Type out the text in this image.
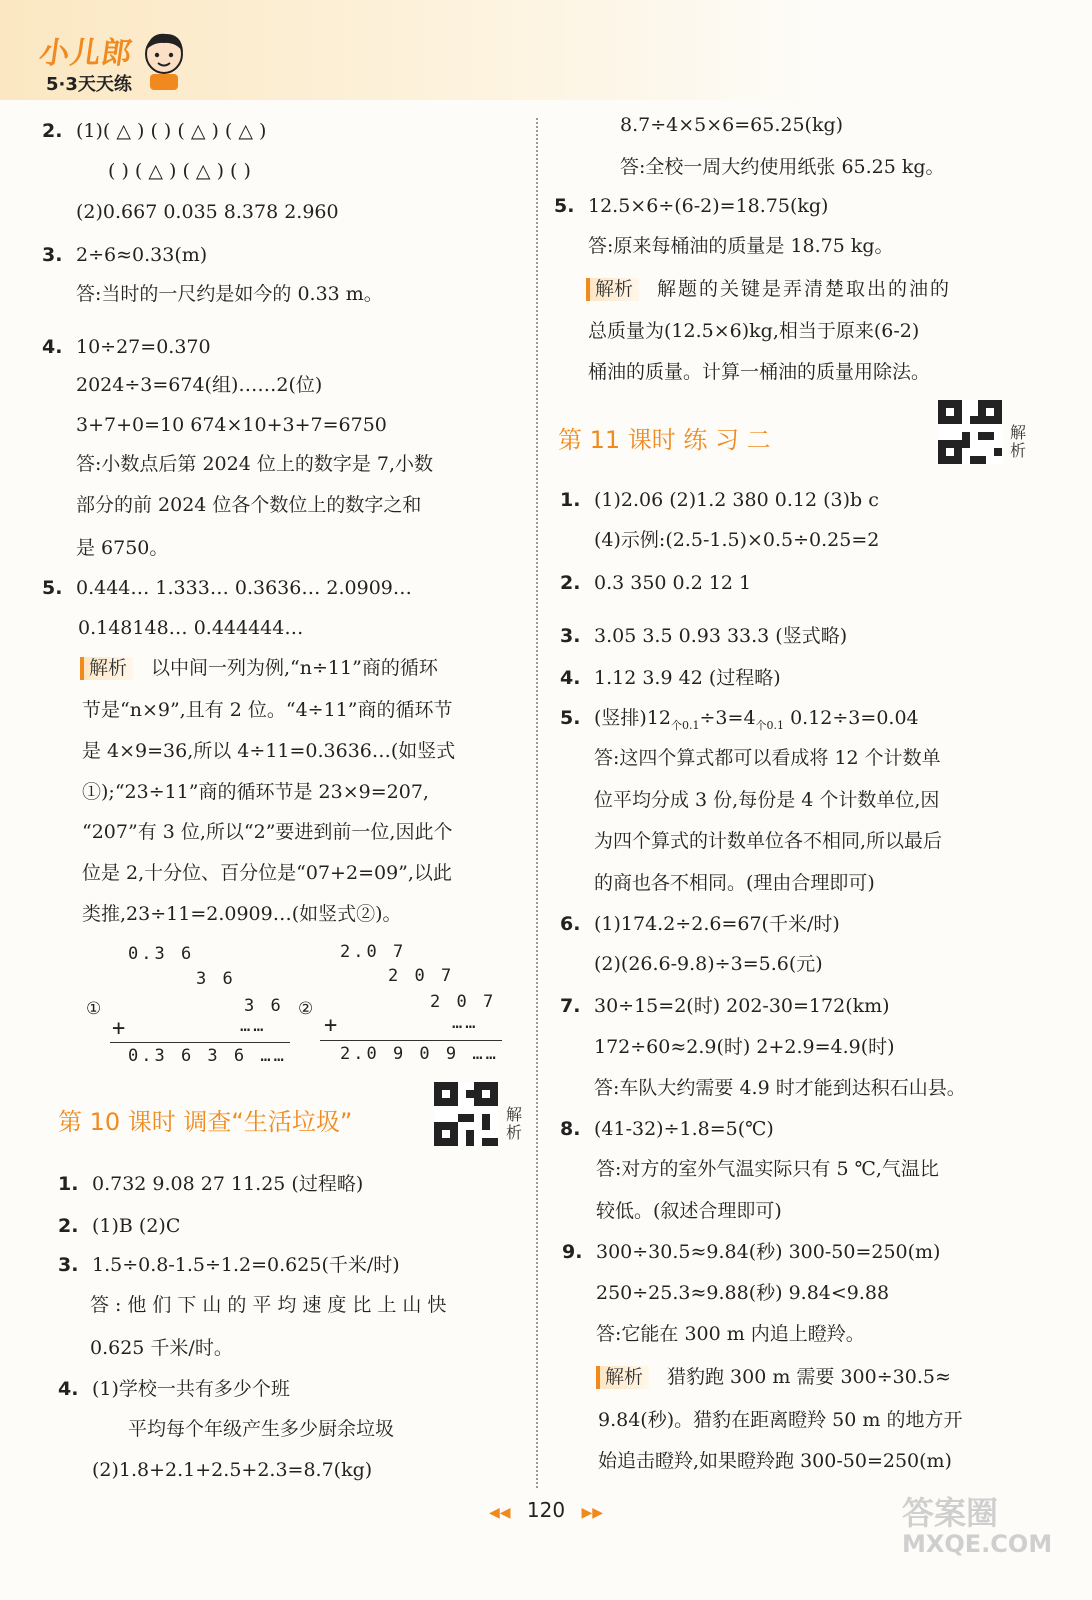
小儿郎
5·3天天练
2. (1)( △ ) ( ) ( △ ) ( △ )
( ) ( △ ) ( △ ) ( )
(2)0.667 0.035 8.378 2.960
3. 2÷6≈0.33(m)
答:当时的一尺约是如今的 0.33 m。
4. 10÷27=0.370
2024÷3=674(组)……2(位)
3+7+0=10 674×10+3+7=6750
答:小数点后第 2024 位上的数字是 7,小数
部分的前 2024 位各个数位上的数字之和
是 6750。
5. 0.444… 1.333… 0.3636… 2.0909…
0.148148… 0.444444…
解析 以中间一列为例,“n÷11”商的循环
节是“n×9”,且有 2 位。“4÷11”商的循环节
是 4×9=36,所以 4÷11=0.3636…(如竖式
①);“23÷11”商的循环节是 23×9=207,
“207”有 3 位,所以“2”要进到前一位,因此个
位是 2,十分位、百分位是“07+2=09”,以此
类推,23÷11=2.0909…(如竖式②)。
0.3 6
3 6
①	3 6
+	……
0.3 6 3 6 ……
2.0 7
2 0 7
②	2 0 7
+	……
2.0 9 0 9 ……
第 10 课时 调查“生活垃圾”	解析
1. 0.732 9.08 27 11.25 (过程略)
2. (1)B (2)C
3. 1.5÷0.8-1.5÷1.2=0.625(千米/时)
答:他们下山的平均速度比上山快
0.625 千米/时。
4. (1)学校一共有多少个班
平均每个年级产生多少厨余垃圾
(2)1.8+2.1+2.5+2.3=8.7(kg)
8.7÷4×5×6=65.25(kg)
答:全校一周大约使用纸张 65.25 kg。
5. 12.5×6÷(6-2)=18.75(kg)
答:原来每桶油的质量是 18.75 kg。
解析 解题的关键是弄清楚取出的油的
总质量为(12.5×6)kg,相当于原来(6-2)
桶油的质量。计算一桶油的质量用除法。
第 11 课时 练 习 二	解析
1. (1)2.06 (2)1.2 380 0.12 (3)b c
(4)示例:(2.5-1.5)×0.5÷0.25=2
2. 0.3 350 0.2 12 1
3. 3.05 3.5 0.93 33.3 (竖式略)
4. 1.12 3.9 42 (过程略)
5. (竖排)$12_{个0.1}\div 3=4_{个0.1}$ 0.12÷3=0.04
答:这四个算式都可以看成将 12 个计数单
位平均分成 3 份,每份是 4 个计数单位,因
为四个算式的计数单位各不相同,所以最后
的商也各不相同。(理由合理即可)
6. (1)174.2÷2.6=67(千米/时)
(2)(26.6-9.8)÷3=5.6(元)
7. 30÷15=2(时) 202-30=172(km)
172÷60≈2.9(时) 2+2.9=4.9(时)
答:车队大约需要 4.9 时才能到达积石山县。
8. (41-32)÷1.8=5(℃)
答:对方的室外气温实际只有 5 ℃,气温比
较低。(叙述合理即可)
9. 300÷30.5≈9.84(秒) 300-50=250(m)
250÷25.3≈9.88(秒) 9.84<9.88
答:它能在 300 m 内追上瞪羚。
解析 猎豹跑 300 m 需要 300÷30.5≈
9.84(秒)。猎豹在距离瞪羚 50 m 的地方开
始追击瞪羚,如果瞪羚跑 300-50=250(m)
◀◀ 120 ▶▶	答案圈
MXQE.COM
